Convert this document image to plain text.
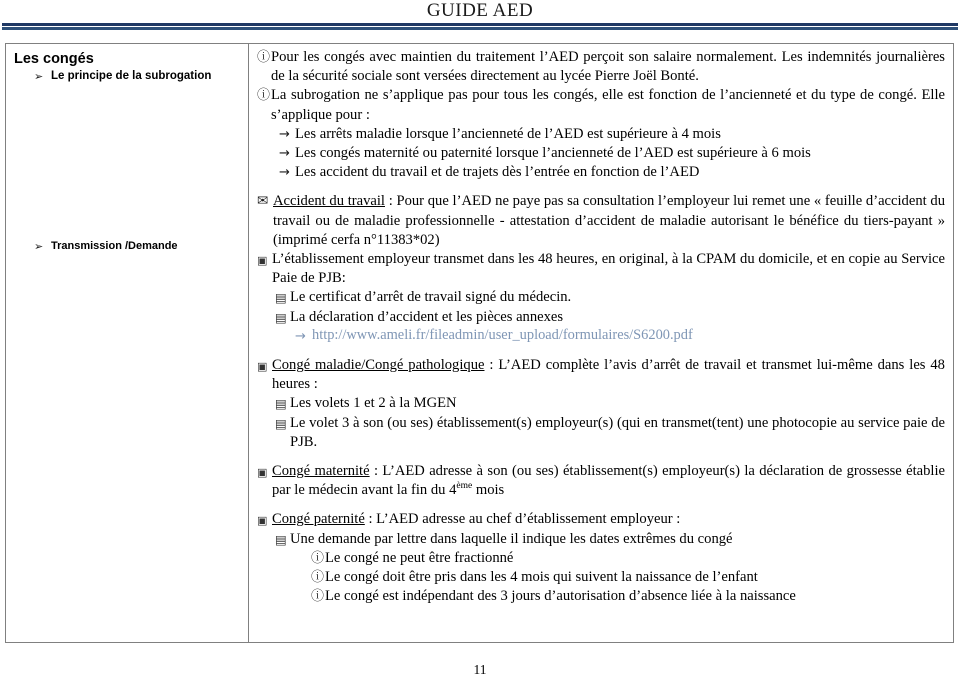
GUIDE AED
Les congés
➢ Le principe de la subrogation
➢ Transmission /Demande
ⓘ Pour les congés avec maintien du traitement l’AED perçoit son salaire normalement. Les indemnités journalières de la sécurité sociale sont versées directement au lycée Pierre Joël Bonté.
ⓘ La subrogation ne s’applique pas pour tous les congés, elle est fonction de l’ancienneté et du type de congé. Elle s’applique pour :
→ Les arrêts maladie lorsque l’ancienneté de l’AED est supérieure à 4 mois
→ Les congés maternité ou paternité lorsque l’ancienneté de l’AED est supérieure à 6 mois
→ Les accident du travail et de trajets dès l’entrée en fonction de l’AED
✉ Accident du travail : Pour que l’AED ne paye pas sa consultation l’employeur lui remet une « feuille d’accident du travail ou de maladie professionnelle - attestation d’accident de maladie autorisant le bénéfice du tiers-payant » (imprimé cerfa n°11383*02)
▣ L’établissement employeur transmet dans les 48 heures, en original, à la CPAM du domicile, et en copie au Service Paie de PJB:
▤ Le certificat d’arrêt de travail signé du médecin.
▤ La déclaration d’accident et les pièces annexes
→ http://www.ameli.fr/fileadmin/user_upload/formulaires/S6200.pdf
▣ Congé maladie/Congé pathologique : L’AED complète l’avis d’arrêt de travail et transmet lui-même dans les 48 heures :
▤ Les volets 1 et 2 à la MGEN
▤ Le volet 3 à son (ou ses) établissement(s) employeur(s) (qui en transmet(tent) une photocopie au service paie de PJB.
▣ Congé maternité : L’AED adresse à son (ou ses) établissement(s) employeur(s) la déclaration de grossesse établie par le médecin avant la fin du 4ème mois
▣ Congé paternité : L’AED adresse au chef d’établissement employeur :
▤ Une demande par lettre dans laquelle il indique les dates extrêmes du congé
ⓘ Le congé ne peut être fractionné
ⓘ Le congé doit être pris dans les 4 mois qui suivent la naissance de l’enfant
ⓘ Le congé est indépendant des 3 jours d’autorisation d’absence liée à la naissance
11
